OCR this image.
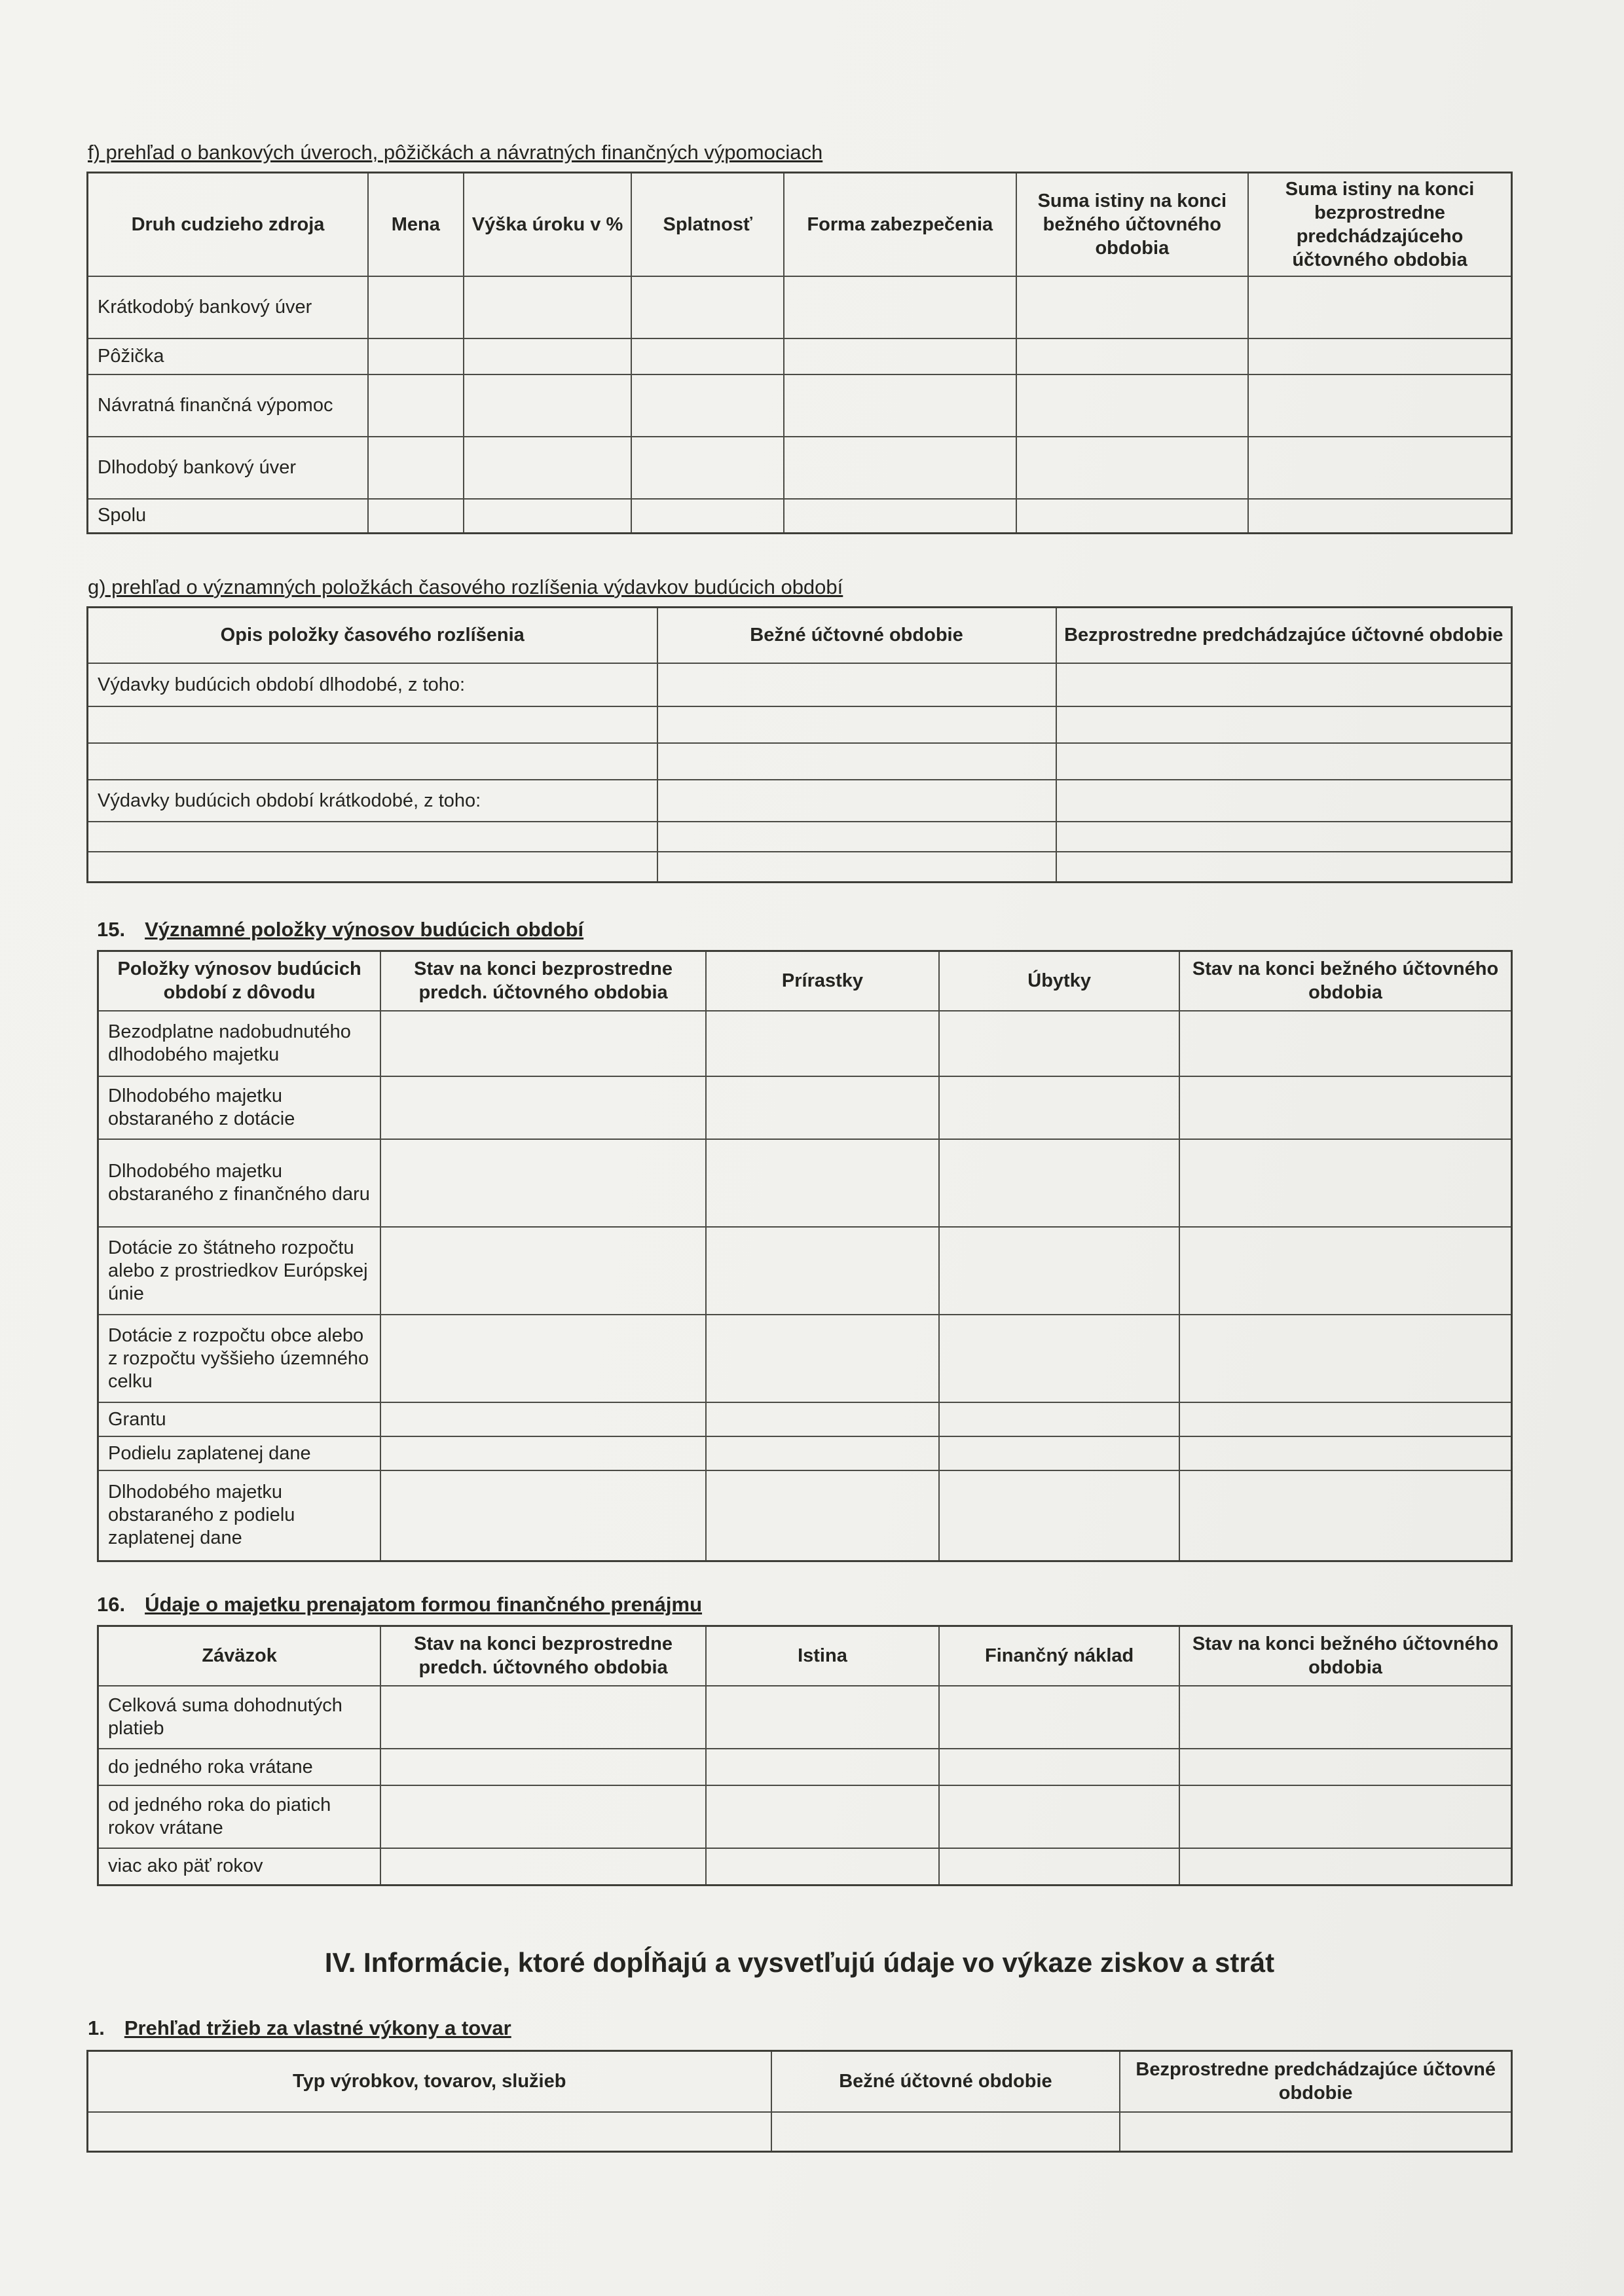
f) prehľad o bankových úveroch, pôžičkách a návratných finančných výpomociach
Druh cudzieho zdroja	Mena	Výška úroku v %	Splatnosť	Forma zabezpečenia	Suma istiny na konci bežného účtovného obdobia	Suma istiny na konci bezprostredne predchádzajúceho účtovného obdobia
Krátkodobý bankový úver						
Pôžička						
Návratná finančná výpomoc						
Dlhodobý bankový úver						
Spolu						
g) prehľad o významných položkách časového rozlíšenia výdavkov budúcich období
Opis položky časového rozlíšenia	Bežné účtovné obdobie	Bezprostredne predchádzajúce účtovné obdobie
Výdavky budúcich období dlhodobé, z toho:		

Výdavky budúcich období krátkodobé, z toho:		

15. Významné položky výnosov budúcich období
Položky výnosov budúcich období z dôvodu	Stav na konci bezprostredne predch. účtovného obdobia	Prírastky	Úbytky	Stav na konci bežného účtovného obdobia
Bezodplatne nadobudnutého dlhodobého majetku				
Dlhodobého majetku obstaraného z dotácie				
Dlhodobého majetku obstaraného z finančného daru				
Dotácie zo štátneho rozpočtu alebo z prostriedkov Európskej únie				
Dotácie z rozpočtu obce alebo z rozpočtu vyššieho územného celku				
Grantu				
Podielu zaplatenej dane				
Dlhodobého majetku obstaraného z podielu zaplatenej dane				
16. Údaje o majetku prenajatom formou finančného prenájmu
Záväzok	Stav na konci bezprostredne predch. účtovného obdobia	Istina	Finančný náklad	Stav na konci bežného účtovného obdobia
Celková suma dohodnutých platieb				
do jedného roka vrátane				
od jedného roka do piatich rokov vrátane				
viac ako päť rokov				
IV. Informácie, ktoré dopĺňajú a vysvetľujú údaje vo výkaze ziskov a strát
1. Prehľad tržieb za vlastné výkony a tovar
Typ výrobkov, tovarov, služieb	Bežné účtovné obdobie	Bezprostredne predchádzajúce účtovné obdobie
